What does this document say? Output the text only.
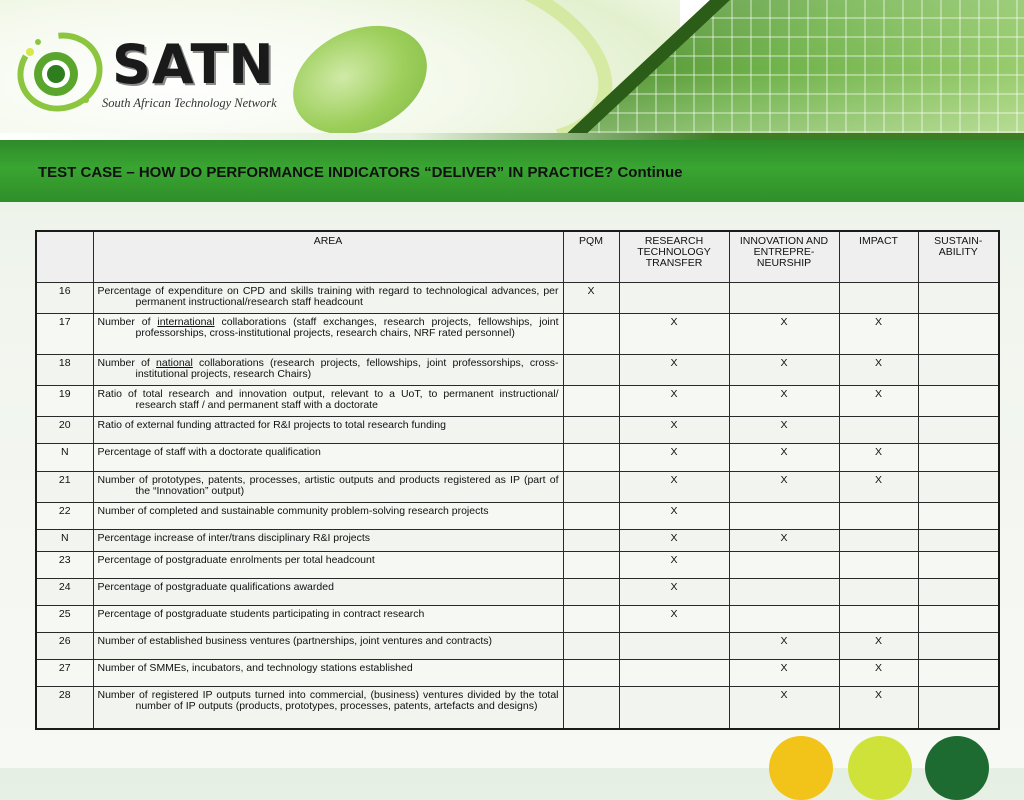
SATN
South African Technology Network
TEST CASE – HOW DO PERFORMANCE INDICATORS “DELIVER” IN PRACTICE? Continue
	AREA	PQM	RESEARCH TECHNOLOGY TRANSFER	INNOVATION AND ENTREPRE-NEURSHIP	IMPACT	SUSTAIN-ABILITY
16	Percentage of expenditure on CPD and skills training with regard to technological advances, per permanent instructional/research staff headcount	X				
17	Number of international collaborations (staff exchanges, research projects, fellowships, joint professorships, cross-institutional projects, research chairs, NRF rated personnel)		X	X	X	
18	Number of national collaborations (research projects, fellowships, joint professorships, cross-institutional projects, research Chairs)		X	X	X	
19	Ratio of total research and innovation output, relevant to a UoT, to permanent instructional/ research staff / and permanent staff with a doctorate		X	X	X	
20	Ratio of external funding attracted for R&I projects to total research funding		X	X		
N	Percentage of staff with a doctorate qualification		X	X	X	
21	Number of prototypes, patents, processes, artistic outputs and products registered as IP (part of the “Innovation” output)		X	X	X	
22	Number of completed and sustainable community problem-solving research projects		X			
N	Percentage increase of inter/trans disciplinary R&I projects		X	X		
23	Percentage of postgraduate enrolments per total headcount		X			
24	Percentage of postgraduate qualifications awarded		X			
25	Percentage of postgraduate students participating in contract research		X			
26	Number of established business ventures (partnerships, joint ventures and contracts)			X	X	
27	Number of SMMEs, incubators, and technology stations established			X	X	
28	Number of registered IP outputs turned into commercial, (business) ventures divided by the total number of IP outputs (products, prototypes, processes, patents, artefacts and designs)			X	X	
